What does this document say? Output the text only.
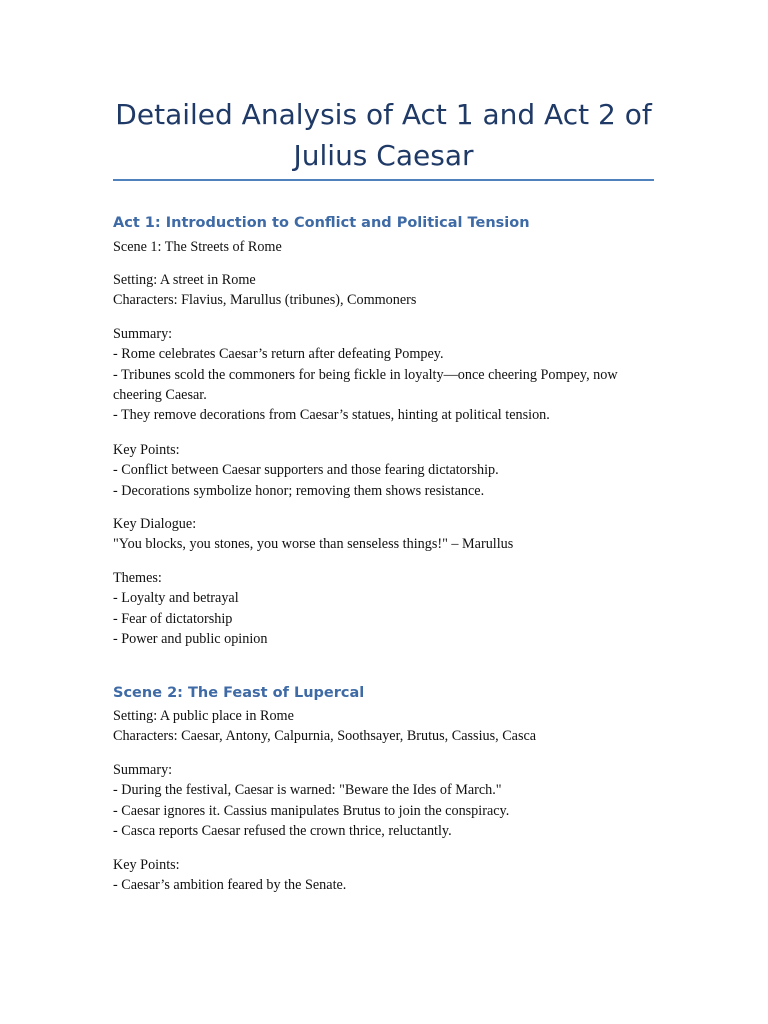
Detailed Analysis of Act 1 and Act 2 of Julius Caesar
Act 1: Introduction to Conflict and Political Tension
Scene 1: The Streets of Rome
Setting: A street in Rome
Characters: Flavius, Marullus (tribunes), Commoners
Summary:
- Rome celebrates Caesar’s return after defeating Pompey.
- Tribunes scold the commoners for being fickle in loyalty—once cheering Pompey, now cheering Caesar.
- They remove decorations from Caesar’s statues, hinting at political tension.
Key Points:
- Conflict between Caesar supporters and those fearing dictatorship.
- Decorations symbolize honor; removing them shows resistance.
Key Dialogue:
"You blocks, you stones, you worse than senseless things!" – Marullus
Themes:
- Loyalty and betrayal
- Fear of dictatorship
- Power and public opinion
Scene 2: The Feast of Lupercal
Setting: A public place in Rome
Characters: Caesar, Antony, Calpurnia, Soothsayer, Brutus, Cassius, Casca
Summary:
- During the festival, Caesar is warned: "Beware the Ides of March."
- Caesar ignores it. Cassius manipulates Brutus to join the conspiracy.
- Casca reports Caesar refused the crown thrice, reluctantly.
Key Points:
- Caesar’s ambition feared by the Senate.
